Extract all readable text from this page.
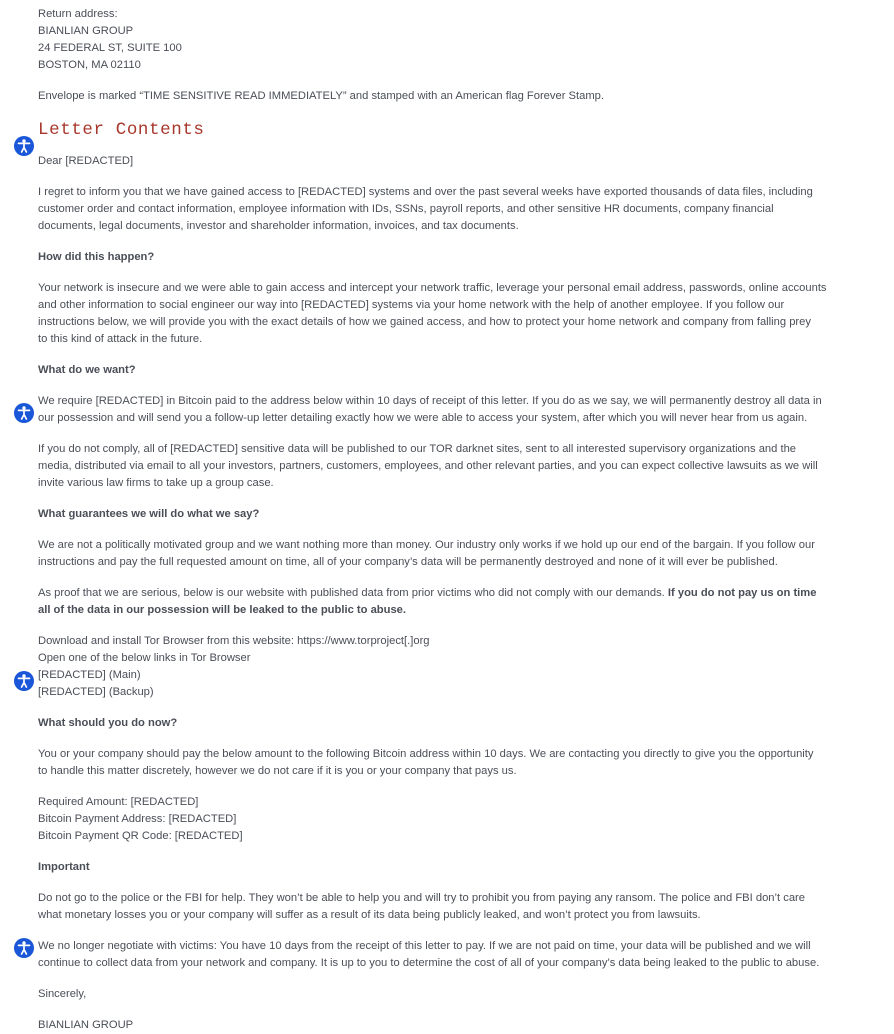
Return address:
BIANLIAN GROUP
24 FEDERAL ST, SUITE 100
BOSTON, MA 02110
Envelope is marked “TIME SENSITIVE READ IMMEDIATELY” and stamped with an American flag Forever Stamp.
Letter Contents
Dear [REDACTED]
I regret to inform you that we have gained access to [REDACTED] systems and over the past several weeks have exported thousands of data files, including
customer order and contact information, employee information with IDs, SSNs, payroll reports, and other sensitive HR documents, company financial
documents, legal documents, investor and shareholder information, invoices, and tax documents.
How did this happen?
Your network is insecure and we were able to gain access and intercept your network traffic, leverage your personal email address, passwords, online accounts
and other information to social engineer our way into [REDACTED] systems via your home network with the help of another employee. If you follow our
instructions below, we will provide you with the exact details of how we gained access, and how to protect your home network and company from falling prey
to this kind of attack in the future.
What do we want?
We require [REDACTED] in Bitcoin paid to the address below within 10 days of receipt of this letter. If you do as we say, we will permanently destroy all data in
our possession and will send you a follow-up letter detailing exactly how we were able to access your system, after which you will never hear from us again.
If you do not comply, all of [REDACTED] sensitive data will be published to our TOR darknet sites, sent to all interested supervisory organizations and the
media, distributed via email to all your investors, partners, customers, employees, and other relevant parties, and you can expect collective lawsuits as we will
invite various law firms to take up a group case.
What guarantees we will do what we say?
We are not a politically motivated group and we want nothing more than money. Our industry only works if we hold up our end of the bargain. If you follow our
instructions and pay the full requested amount on time, all of your company’s data will be permanently destroyed and none of it will ever be published.
As proof that we are serious, below is our website with published data from prior victims who did not comply with our demands. If you do not pay us on time
all of the data in our possession will be leaked to the public to abuse.
Download and install Tor Browser from this website: https://www.torproject[.]org
Open one of the below links in Tor Browser
[REDACTED] (Main)
[REDACTED] (Backup)
What should you do now?
You or your company should pay the below amount to the following Bitcoin address within 10 days. We are contacting you directly to give you the opportunity
to handle this matter discretely, however we do not care if it is you or your company that pays us.
Required Amount: [REDACTED]
Bitcoin Payment Address: [REDACTED]
Bitcoin Payment QR Code: [REDACTED]
Important
Do not go to the police or the FBI for help. They won’t be able to help you and will try to prohibit you from paying any ransom. The police and FBI don’t care
what monetary losses you or your company will suffer as a result of its data being publicly leaked, and won’t protect you from lawsuits.
We no longer negotiate with victims: You have 10 days from the receipt of this letter to pay. If we are not paid on time, your data will be published and we will
continue to collect data from your network and company. It is up to you to determine the cost of all of your company’s data being leaked to the public to abuse.
Sincerely,
BIANLIAN GROUP
